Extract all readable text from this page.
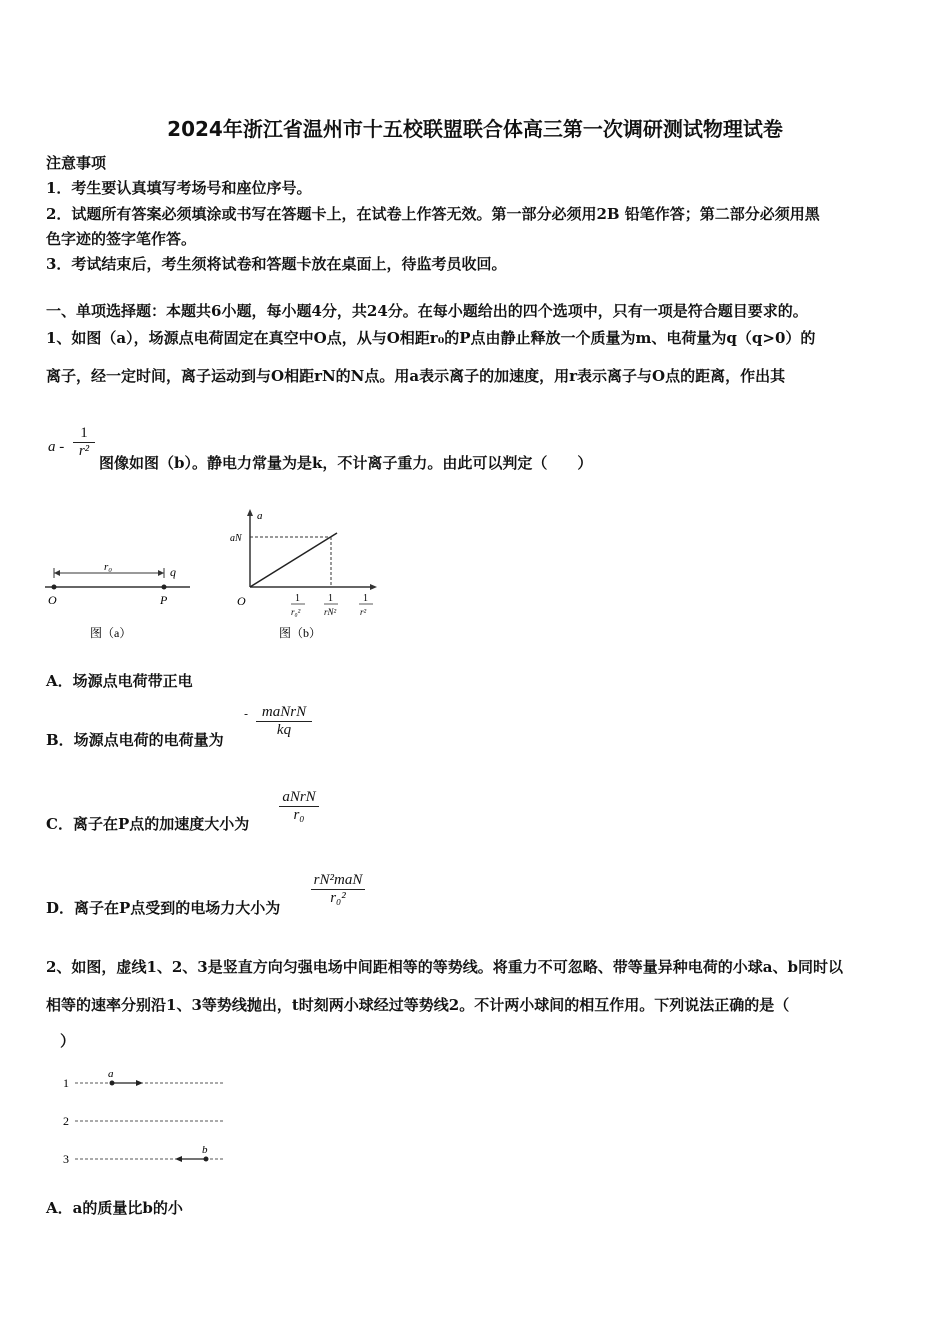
2024年浙江省温州市十五校联盟联合体高三第一次调研测试物理试卷
注意事项
1．考生要认真填写考场号和座位序号。
2．试题所有答案必须填涂或书写在答题卡上，在试卷上作答无效。第一部分必须用2B 铅笔作答；第二部分必须用黑
色字迹的签字笔作答。
3．考试结束后，考生须将试卷和答题卡放在桌面上，待监考员收回。
一、单项选择题：本题共6小题，每小题4分，共24分。在每小题给出的四个选项中，只有一项是符合题目要求的。
1、如图（a），场源点电荷固定在真空中O点，从与O相距r₀的P点由静止释放一个质量为m、电荷量为q（q>0）的
离子，经一定时间，离子运动到与O相距rN的N点。用a表示离子的加速度，用r表示离子与O点的距离，作出其
a - $\frac{1}{\text{r²}}$
图像如图（b）。静电力常量为是k，不计离子重力。由此可以判定（　　）
r₀	q
O	P
图（a）
a
aN
O	1
r₀²
1
rN²
1
r²
图（b）
A．场源点电荷带正电
B．场源点电荷的电荷量为
- maNrN
kq
C．离子在P点的加速度大小为
aNrN
r₀
D．离子在P点受到的电场力大小为
rN²maN
r₀²
2、如图，虚线1、2、3是竖直方向匀强电场中间距相等的等势线。将重力不可忽略、带等量异种电荷的小球a、b同时以
相等的速率分别沿1、3等势线抛出，t时刻两小球经过等势线2。不计两小球间的相互作用。下列说法正确的是（
）
1
2
3
a
b
A．a的质量比b的小
